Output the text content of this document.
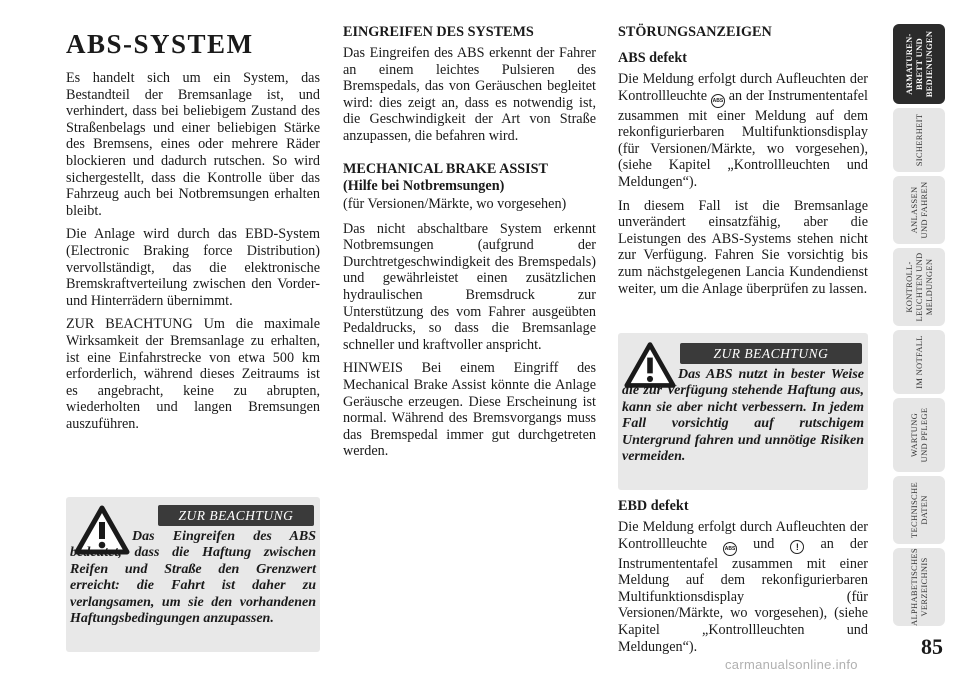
ABS-SYSTEM

Es handelt sich um ein System, das Bestandteil der Bremsanlage ist, und verhindert, dass bei beliebigem Zustand des Straßenbelags und einer beliebigen Stärke des Bremsens, eines oder mehrere Räder blockieren und dadurch rutschen. So wird sichergestellt, dass die Kontrolle über das Fahrzeug auch bei Notbremsungen erhalten bleibt.

Die Anlage wird durch das EBD-System (Electronic Braking force Distribution) vervollständigt, das die elektronische Bremskraftverteilung zwischen den Vorder- und Hinterrädern übernimmt.

ZUR BEACHTUNG Um die maximale Wirksamkeit der Bremsanlage zu erhalten, ist eine Einfahrstrecke von etwa 500 km erforderlich, während dieses Zeitraums ist es angebracht, keine zu abrupten, wiederholten und langen Bremsungen auszuführen.

ZUR BEACHTUNG
Das Eingreifen des ABS bedeutet, dass die Haftung zwischen Reifen und Straße den Grenzwert erreicht: die Fahrt ist daher zu verlangsamen, um sie den vorhandenen Haftungsbedingungen anzupassen.
EINGREIFEN DES SYSTEMS

Das Eingreifen des ABS erkennt der Fahrer an einem leichtes Pulsieren des Bremspedals, das von Geräuschen begleitet wird: dies zeigt an, dass es notwendig ist, die Geschwindigkeit der Art von Straße anzupassen, die befahren wird.

MECHANICAL BRAKE ASSIST
(Hilfe bei Notbremsungen)

(für Versionen/Märkte, wo vorgesehen)

Das nicht abschaltbare System erkennt Notbremsungen (aufgrund der Durchtretgeschwindigkeit des Bremspedals) und gewährleistet einen zusätzlichen hydraulischen Bremsdruck zur Unterstützung des vom Fahrer ausgeübten Pedaldrucks, so dass die Bremsanlage schneller und kraftvoller anspricht.

HINWEIS Bei einem Eingriff des Mechanical Brake Assist könnte die Anlage Geräusche erzeugen. Diese Erscheinung ist normal. Während des Bremsvorgangs muss das Bremspedal immer gut durchgetreten werden.

STÖRUNGSANZEIGEN
ABS defekt

Die Meldung erfolgt durch Aufleuchten der Kontrollleuchte ABS an der Instrumententafel zusammen mit einer Meldung auf dem rekonfigurierbaren Multifunktionsdisplay (für Versionen/Märkte, wo vorgesehen), (siehe Kapitel „Kontrollleuchten und Meldungen“).

In diesem Fall ist die Bremsanlage unverändert einsatzfähig, aber die Leistungen des ABS-Systems stehen nicht zur Verfügung. Fahren Sie vorsichtig bis zum nächstgelegenen Lancia Kundendienst weiter, um die Anlage überprüfen zu lassen.

ZUR BEACHTUNG
Das ABS nutzt in bester Weise die zur Verfügung stehende Haftung aus, kann sie aber nicht verbessern. In jedem Fall vorsichtig auf rutschigem Untergrund fahren und unnötige Risiken vermeiden.
EBD defekt

Die Meldung erfolgt durch Aufleuchten der Kontrollleuchte	ABS und ! an der Instrumententafel zusammen mit einer Meldung auf dem rekonfigurierbaren Multifunktionsdisplay (für Versionen/Märkte, wo vorgesehen), (siehe Kapitel „Kontrollleuchten und Meldungen“).

ARMATUREN-
BRETT UND
BEDIENUNGEN
SICHERHEIT
ANLASSEN
UND FAHREN
KONTROLL-
LEUCHTEN UND
MELDUNGEN
IM NOTFALL
WARTUNG
UND PFLEGE
TECHNISCHE
DATEN
ALPHABETISCHES
VERZEICHNIS
85
carmanualsonline.info
